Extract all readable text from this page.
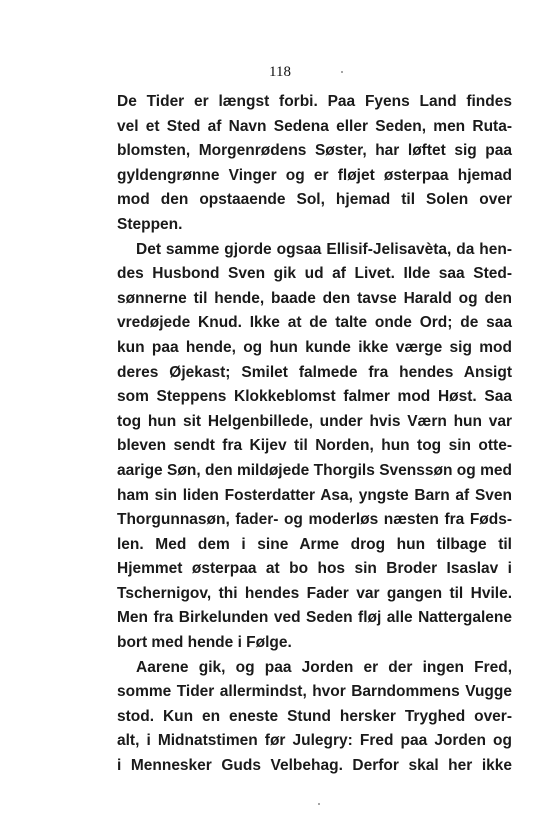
118
De Tider er længst forbi. Paa Fyens Land findes
vel et Sted af Navn Sedena eller Seden, men Ruta-
blomsten, Morgenrødens Søster, har løftet sig paa
gyldengrønne Vinger og er fløjet østerpaa hjemad
mod den opstaaende Sol, hjemad til Solen over
Steppen.
Det samme gjorde ogsaa Ellisif-Jelisavèta, da hen-
des Husbond Sven gik ud af Livet. Ilde saa Sted-
sønnerne til hende, baade den tavse Harald og den
vredøjede Knud. Ikke at de talte onde Ord; de saa
kun paa hende, og hun kunde ikke værge sig mod
deres Øjekast; Smilet falmede fra hendes Ansigt
som Steppens Klokkeblomst falmer mod Høst. Saa
tog hun sit Helgenbillede, under hvis Værn hun var
bleven sendt fra Kijev til Norden, hun tog sin otte-
aarige Søn, den mildøjede Thorgils Svenssøn og med
ham sin liden Fosterdatter Asa, yngste Barn af Sven
Thorgunnasøn, fader- og moderløs næsten fra Føds-
len. Med dem i sine Arme drog hun tilbage til
Hjemmet østerpaa at bo hos sin Broder Isaslav i
Tschernigov, thi hendes Fader var gangen til Hvile.
Men fra Birkelunden ved Seden fløj alle Nattergalene
bort med hende i Følge.
Aarene gik, og paa Jorden er der ingen Fred,
somme Tider allermindst, hvor Barndommens Vugge
stod. Kun en eneste Stund hersker Tryghed over-
alt, i Midnatstimen før Julegry: Fred paa Jorden og
i Mennesker Guds Velbehag. Derfor skal her ikke
